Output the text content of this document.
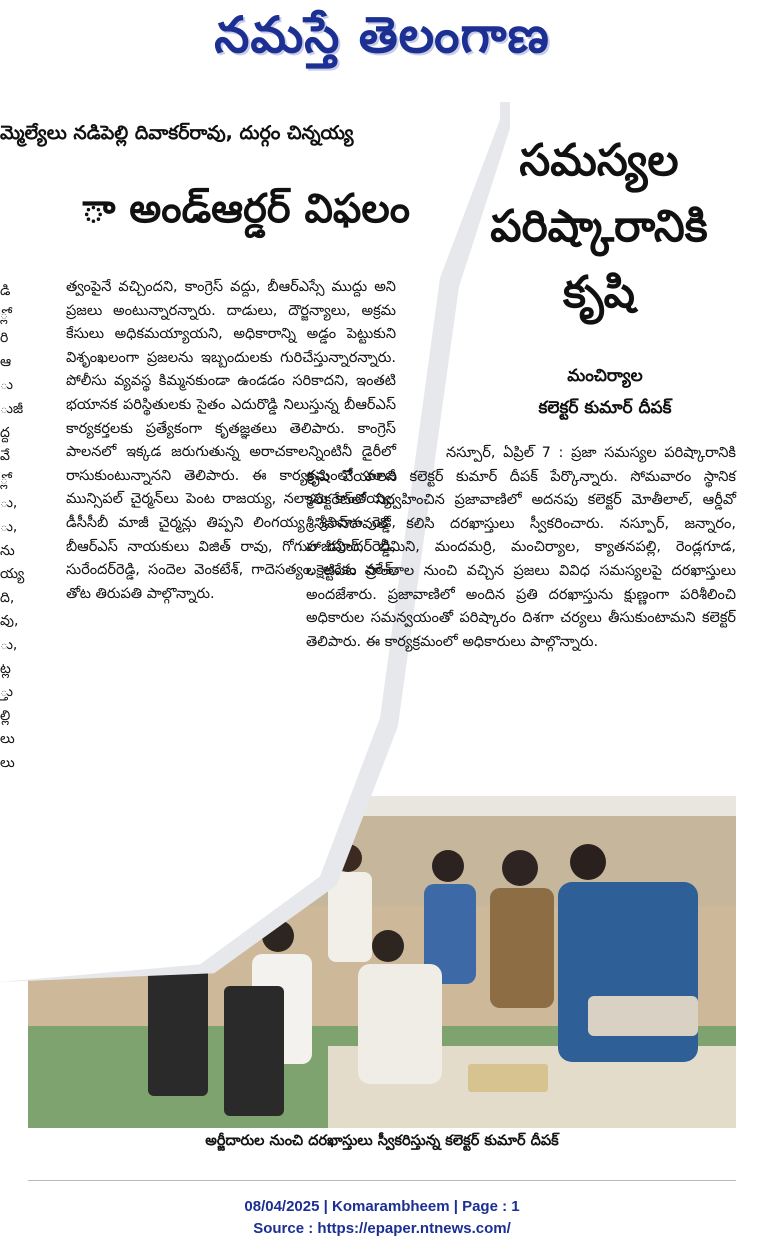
నమస్తే తెలంగాణ
మ్మెల్యేలు నడిపెల్లి దివాకర్‌రావు, దుర్గం చిన్నయ్య
ా అండ్‌ఆర్డర్‌ విఫలం
డి
్లో
రి
ఆ
ు
ుజీ
ద్ద
వే
్లో
ు,
ు,
ను
య్య
ది,
వు,
ు,
ట్ల
్తు
ల్లి
లు
లు

త్వంపైనే వచ్చిందని, కాంగ్రెస్‌ వద్దు, బీఆర్‌ఎస్సే ముద్దు అని ప్రజలు అంటున్నారన్నారు. దాడులు, దౌర్జన్యాలు, అక్రమ కేసులు అధికమయ్యాయని, అధికారాన్ని అడ్డం పెట్టుకుని విశృంఖలంగా ప్రజలను ఇబ్బందులకు గురిచేస్తున్నారన్నారు. పోలీసు వ్యవస్థ కిమ్మనకుండా ఉండడం సరికాదని, ఇంతటి భయానక పరిస్థితులకు సైతం ఎదురొడ్డి నిలుస్తున్న బీఆర్‌ఎస్‌ కార్యకర్తలకు ప్రత్యేకంగా కృతజ్ఞతలు తెలిపారు. కాంగ్రెస్‌ పాలనలో ఇక్కడ జరుగుతున్న అరాచకాలన్నింటినీ డైరీలో రాసుకుంటున్నానని తెలిపారు. ఈ కార్యక్రమంలో మాజీ మున్సిపల్‌ చైర్మన్‌లు పెంట రాజయ్య, నల్మాసు కాంతయ్య, డీసీసీబీ మాజీ చైర్మన్లు తిప్పని లింగయ్య, శ్రీనివాస రెడ్డి, బీఆర్‌ఎస్‌ నాయకులు విజిత్‌ రావు, గోగుల రవీందర్‌రెడ్డి, సురేందర్‌రెడ్డి, సందెల వెంకటేశ్‌, గాదెసత్యం, అంకం నరేశ్‌, తోట తిరుపతి పాల్గొన్నారు.

సమస్యల
పరిష్కారానికి
కృషి
మంచిర్యాల
కలెక్టర్‌ కుమార్‌ దీపక్‌

నస్పూర్‌, ఏప్రిల్‌ 7 : ప్రజా సమస్యల పరిష్కారానికి కృషి చేయాలని కలెక్టర్‌ కుమార్‌ దీపక్‌ పేర్కొన్నారు. సోమవారం స్థానిక కలెక్టరేట్‌లో నిర్వహించిన ప్రజావాణిలో అదనపు కలెక్టర్‌ మోతీలాల్‌, ఆర్డీవో శ్రీనివాస్‌రావుతో కలిసి దరఖాస్తులు స్వీకరించారు. నస్పూర్‌, జన్నారం, హాజీపూర్‌, భీమిని, మందమర్రి, మంచిర్యాల, క్యాతనపల్లి, రెండ్లగూడ, లక్షెట్టిపేట ప్రాంతాల నుంచి వచ్చిన ప్రజలు వివిధ సమస్యలపై దరఖాస్తులు అందజేశారు. ప్రజావాణిలో అందిన ప్రతి దరఖాస్తును క్షుణ్ణంగా పరిశీలించి అధికారుల సమన్వయంతో పరిష్కారం దిశగా చర్యలు తీసుకుంటామని కలెక్టర్‌ తెలిపారు. ఈ కార్యక్రమంలో అధికారులు పాల్గొన్నారు.

అర్జీదారుల నుంచి దరఖాస్తులు స్వీకరిస్తున్న కలెక్టర్‌ కుమార్‌ దీపక్‌
08/04/2025 | Komarambheem | Page : 1
Source : https://epaper.ntnews.com/
